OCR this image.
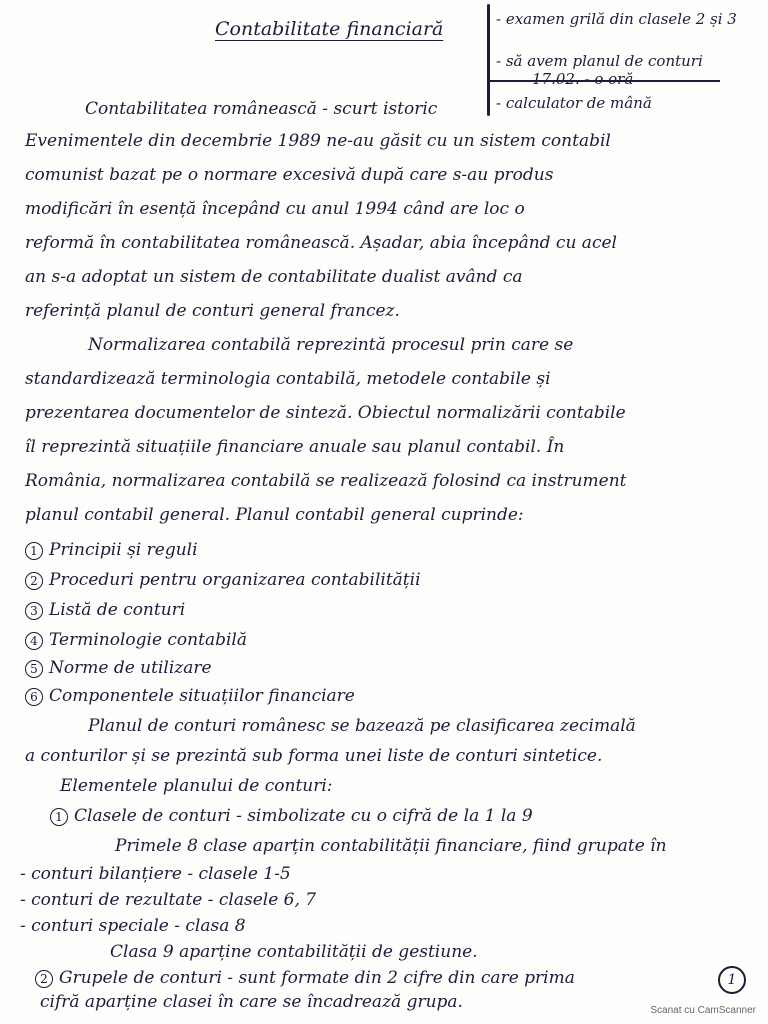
Contabilitate financiară	- examen grilă din clasele 2 și 3
- să avem planul de conturi
17.02. - o oră
- calculator de mână
Contabilitatea românească - scurt istoric
Evenimentele din decembrie 1989 ne-au găsit cu un sistem contabil
comunist bazat pe o normare excesivă după care s-au produs
modificări în esență începând cu anul 1994 când are loc o
reformă în contabilitatea românească. Așadar, abia începând cu acel
an s-a adoptat un sistem de contabilitate dualist având ca
referință planul de conturi general francez.
Normalizarea contabilă reprezintă procesul prin care se
standardizează terminologia contabilă, metodele contabile și
prezentarea documentelor de sinteză. Obiectul normalizării contabile
îl reprezintă situațiile financiare anuale sau planul contabil. În
România, normalizarea contabilă se realizează folosind ca instrument
planul contabil general. Planul contabil general cuprinde:
1 Principii și reguli
2 Proceduri pentru organizarea contabilității
3 Listă de conturi
4 Terminologie contabilă
5 Norme de utilizare
6 Componentele situațiilor financiare
Planul de conturi românesc se bazează pe clasificarea zecimală
a conturilor și se prezintă sub forma unei liste de conturi sintetice.
Elementele planului de conturi:
1 Clasele de conturi - simbolizate cu o cifră de la 1 la 9
Primele 8 clase aparțin contabilității financiare, fiind grupate în
- conturi bilanțiere - clasele 1-5
- conturi de rezultate - clasele 6, 7
- conturi speciale - clasa 8
Clasa 9 aparține contabilității de gestiune.
2 Grupele de conturi - sunt formate din 2 cifre din care prima
cifră aparține clasei în care se încadrează grupa.
1
Scanat cu CamScanner
